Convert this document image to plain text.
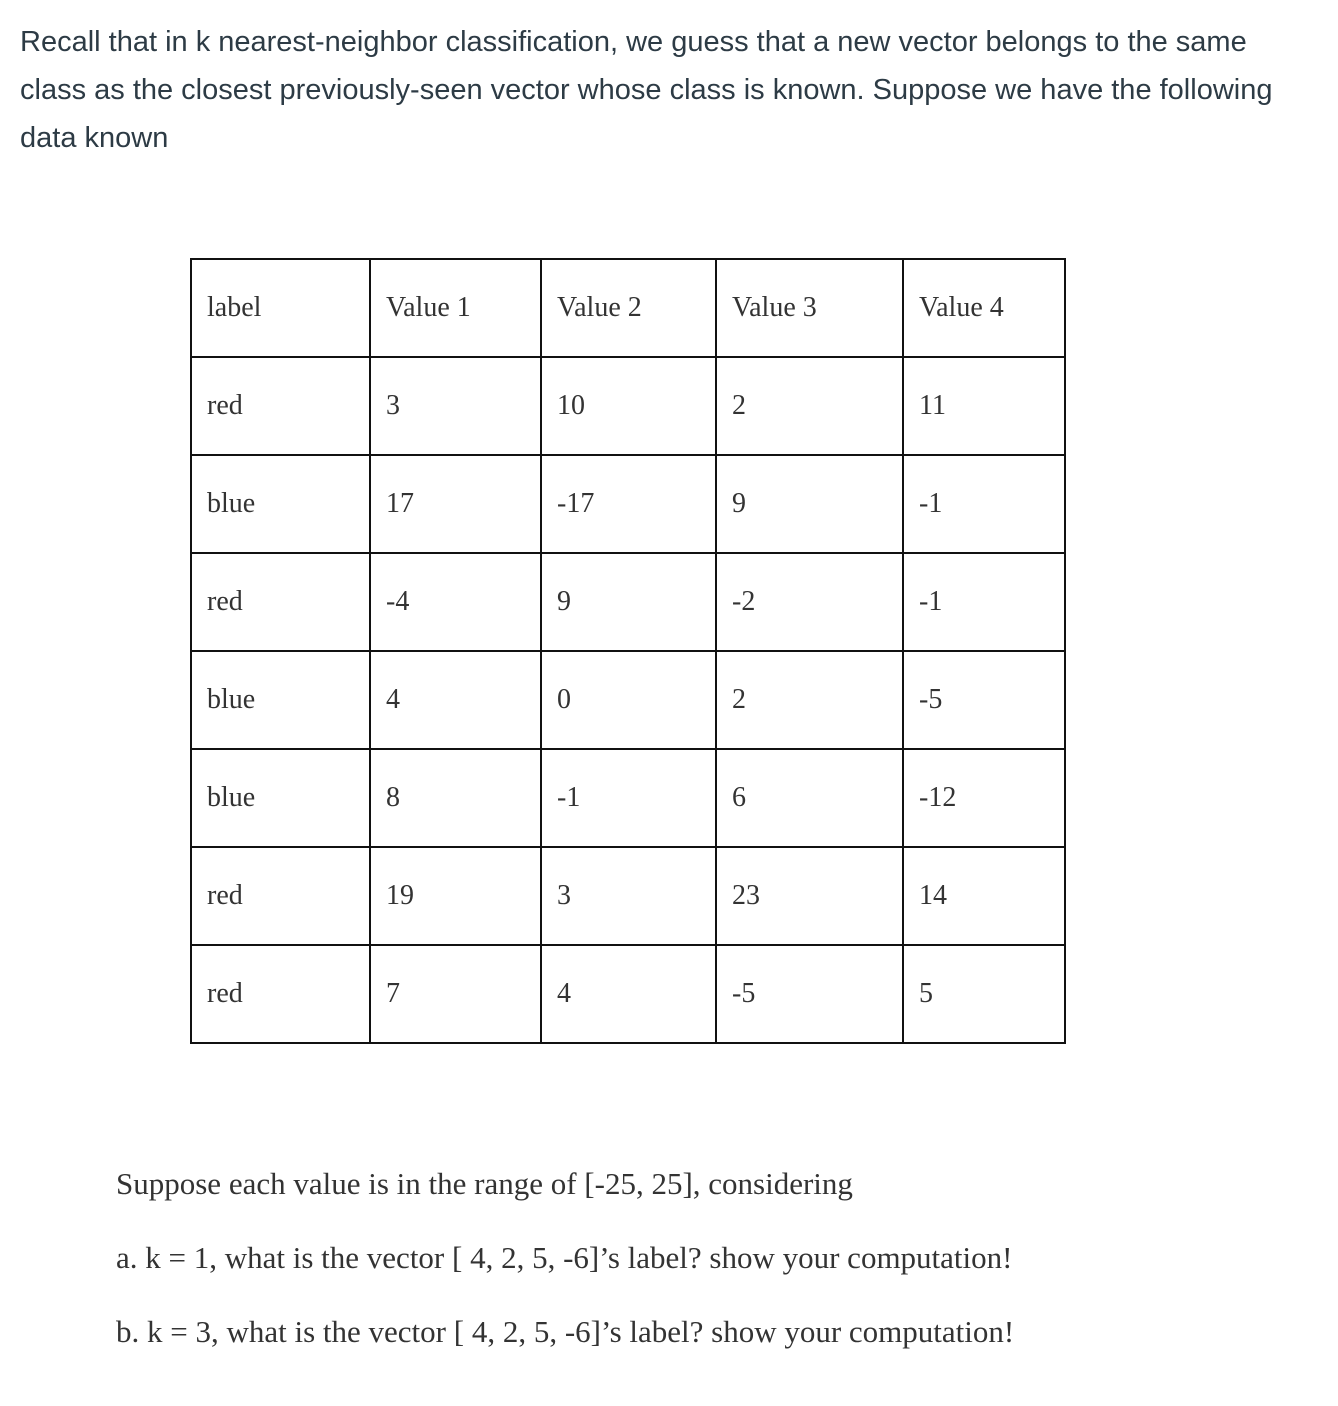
Recall that in k nearest-neighbor classification, we guess that a new vector belongs to the same class as the closest previously-seen vector whose class is known. Suppose we have the following data known

label	Value 1	Value 2	Value 3	Value 4
red	3	10	2	11
blue	17	-17	9	-1
red	-4	9	-2	-1
blue	4	0	2	-5
blue	8	-1	6	-12
red	19	3	23	14
red	7	4	-5	5

Suppose each value is in the range of [-25, 25], considering

a. k = 1, what is the vector [ 4, 2, 5, -6]’s label? show your computation!

b. k = 3, what is the vector [ 4, 2, 5, -6]’s label? show your computation!
